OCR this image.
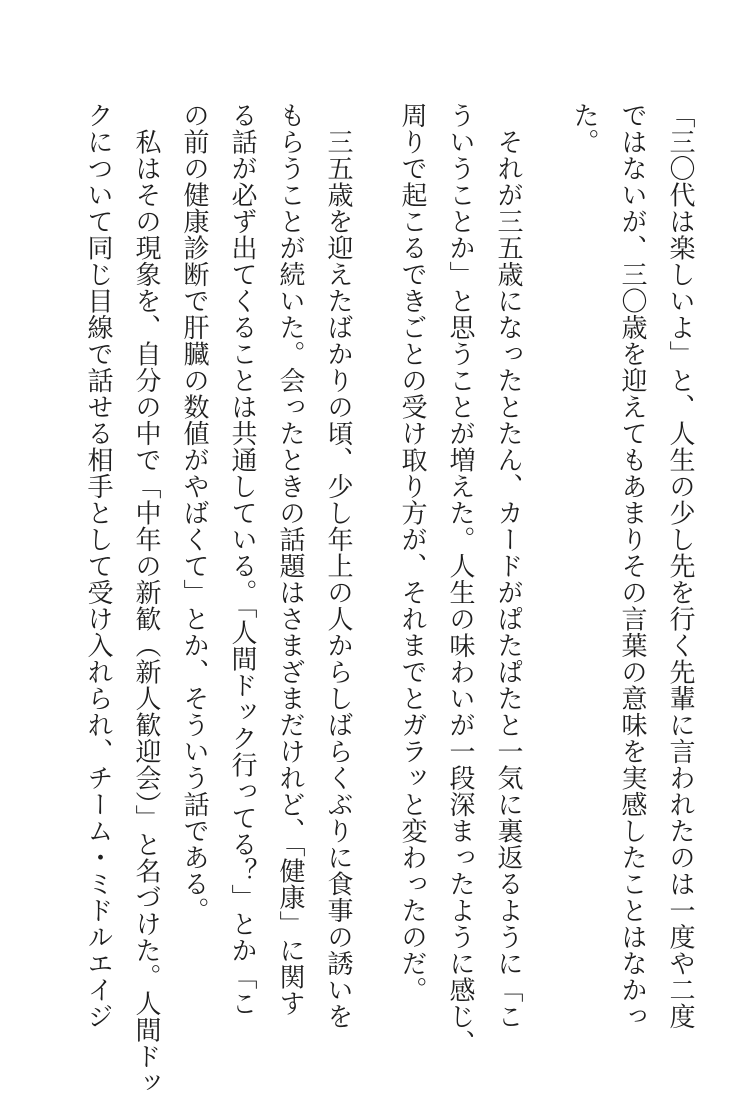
「三〇代は楽しいよ」と、人生の少し先を行く先輩に言われたのは一度や二度
ではないが、三〇歳を迎えてもあまりその言葉の意味を実感したことはなかっ
た。
　それが三五歳になったとたん、カードがぱたぱたと一気に裏返るように「こ
ういうことか」と思うことが増えた。人生の味わいが一段深まったように感じ、
周りで起こるできごとの受け取り方が、それまでとガラッと変わったのだ。
　三五歳を迎えたばかりの頃、少し年上の人からしばらくぶりに食事の誘いを
もらうことが続いた。会ったときの話題はさまざまだけれど、「健康」に関す
る話が必ず出てくることは共通している。「人間ドック行ってる？」とか「こ
の前の健康診断で肝臓の数値がやばくて」とか、そういう話である。
　私はその現象を、自分の中で「中年の新歓（新人歓迎会）」と名づけた。人間ドッ
クについて同じ目線で話せる相手として受け入れられ、チーム・ミドルエイジ
